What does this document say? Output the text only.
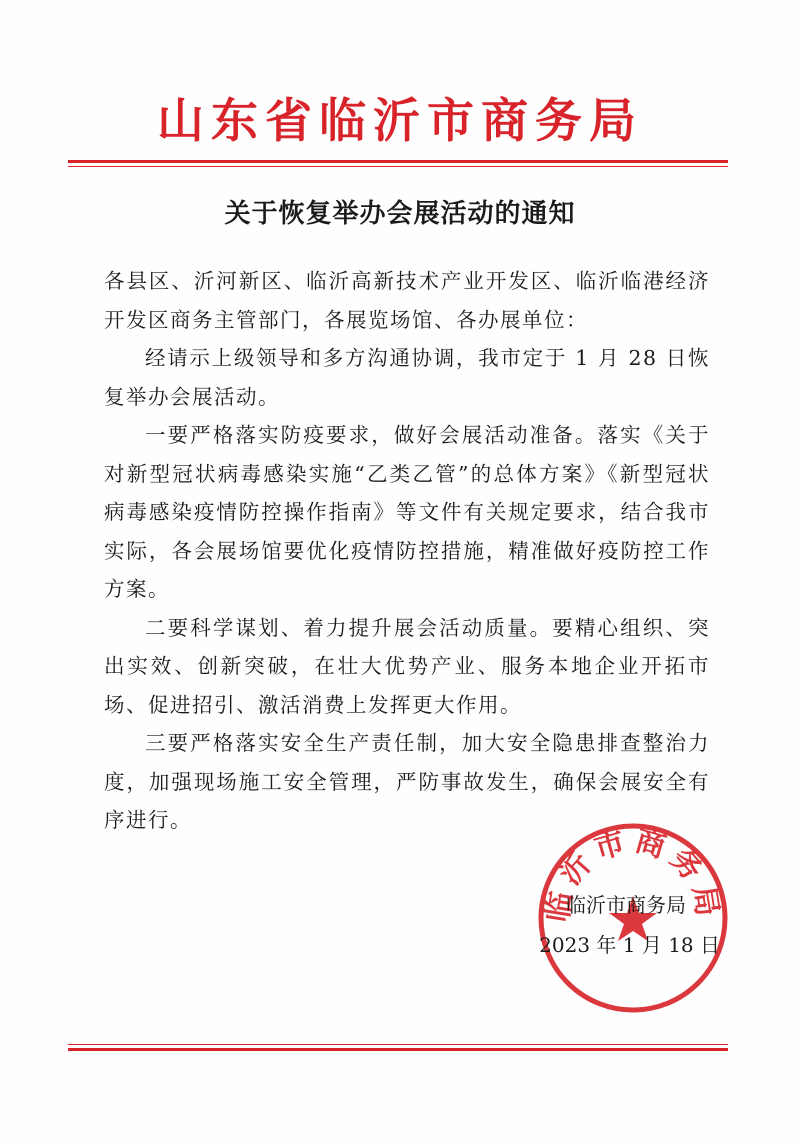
山东省临沂市商务局
关于恢复举办会展活动的通知

各县区、沂河新区、临沂高新技术产业开发区、临沂临港经济开发区商务主管部门，各展览场馆、各办展单位：

经请示上级领导和多方沟通协调，我市定于 1 月 28 日恢复举办会展活动。

一要严格落实防疫要求，做好会展活动准备。落实《关于对新型冠状病毒感染实施“乙类乙管”的总体方案》《新型冠状病毒感染疫情防控操作指南》等文件有关规定要求，结合我市实际，各会展场馆要优化疫情防控措施，精准做好疫防控工作方案。

二要科学谋划、着力提升展会活动质量。要精心组织、突出实效、创新突破，在壮大优势产业、服务本地企业开拓市场、促进招引、激活消费上发挥更大作用。

三要严格落实安全生产责任制，加大安全隐患排查整治力度，加强现场施工安全管理，严防事故发生，确保会展安全有序进行。

临沂市商务局
临沂市商务局
2023 年 1 月 18 日
